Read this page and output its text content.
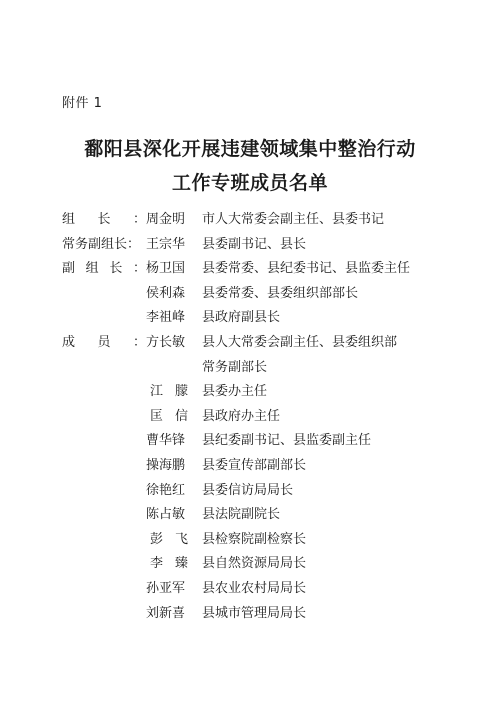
附件 1
鄱阳县深化开展违建领域集中整治行动
工作专班成员名单
组 长 ： 周金明	市人大常委会副主任、县委书记
常务副组长： 王宗华	县委副书记、县长
副 组 长 ： 杨卫国	县委常委、县纪委书记、县监委主任
侯利森	县委常委、县委组织部部长
李祖峰	县政府副县长
成 员 ： 方长敏	县人大常委会副主任、县委组织部
常务副部长
江 朦 县委办主任
匡 信 县政府办主任
曹华锋	县纪委副书记、县监委副主任
操海鹏	县委宣传部副部长
徐艳红	县委信访局局长
陈占敏	县法院副院长
彭 飞 县检察院副检察长
李 臻 县自然资源局局长
孙亚军	县农业农村局局长
刘新喜	县城市管理局局长
